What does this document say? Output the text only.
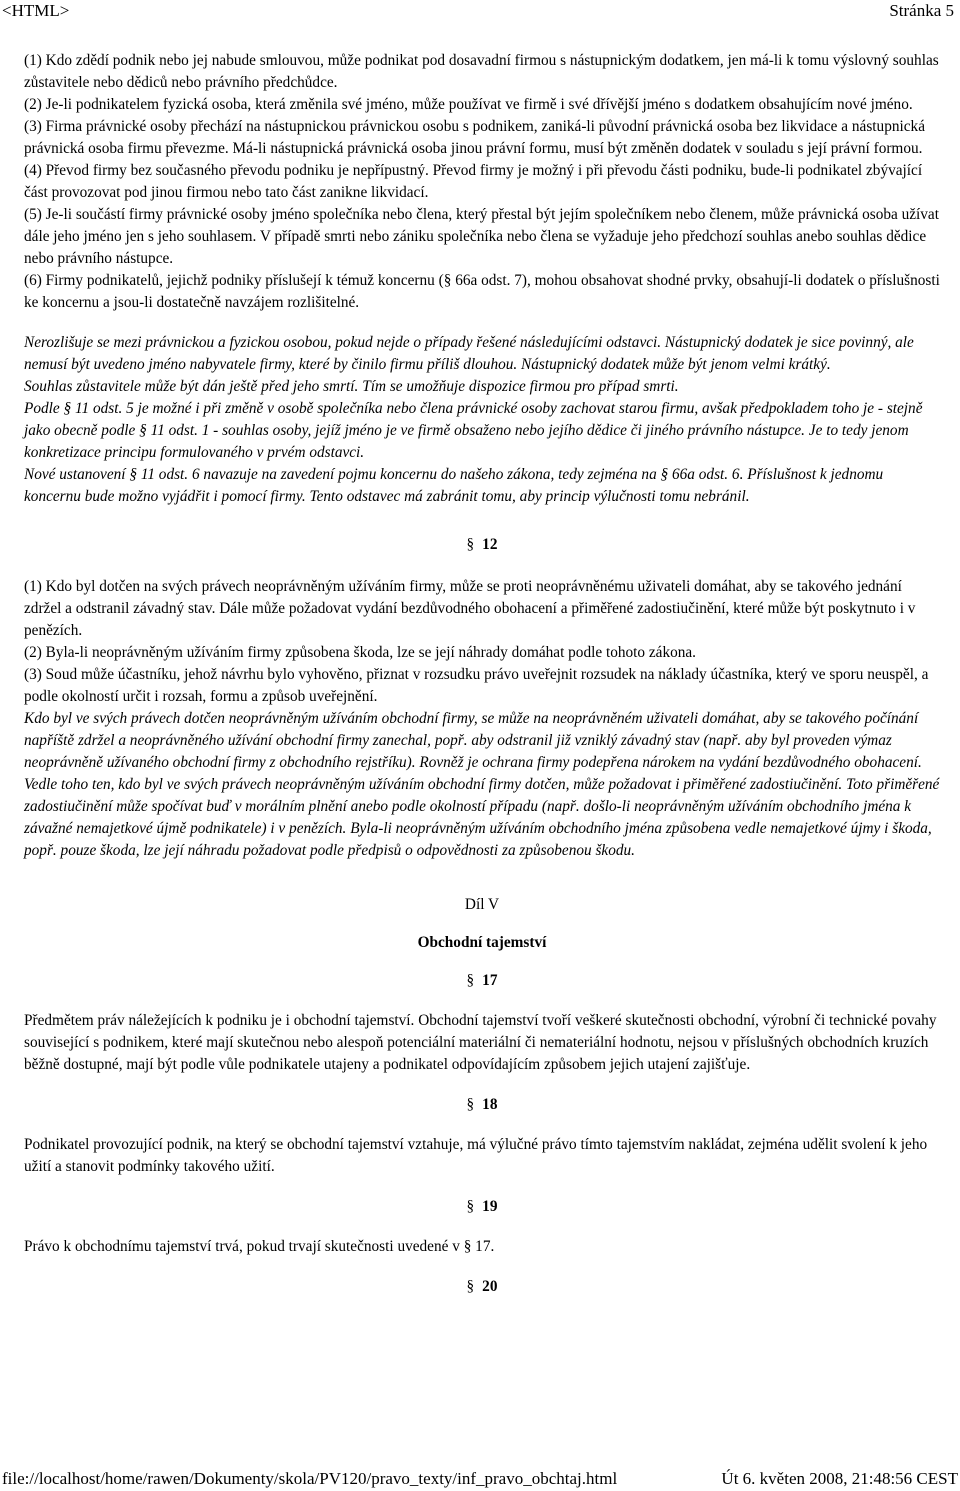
<HTML>	Stránka 5

(1) Kdo zdědí podnik nebo jej nabude smlouvou, může podnikat pod dosavadní firmou s nástupnickým dodatkem, jen má-li k tomu výslovný souhlas zůstavitele nebo dědiců nebo právního předchůdce.

(2) Je-li podnikatelem fyzická osoba, která změnila své jméno, může používat ve firmě i své dřívější jméno s dodatkem obsahujícím nové jméno.

(3) Firma právnické osoby přechází na nástupnickou právnickou osobu s podnikem, zaniká-li původní právnická osoba bez likvidace a nástupnická právnická osoba firmu převezme. Má-li nástupnická právnická osoba jinou právní formu, musí být změněn dodatek v souladu s její právní formou.

(4) Převod firmy bez současného převodu podniku je nepřípustný. Převod firmy je možný i při převodu části podniku, bude-li podnikatel zbývající část provozovat pod jinou firmou nebo tato část zanikne likvidací.

(5) Je-li součástí firmy právnické osoby jméno společníka nebo člena, který přestal být jejím společníkem nebo členem, může právnická osoba užívat dále jeho jméno jen s jeho souhlasem. V případě smrti nebo zániku společníka nebo člena se vyžaduje jeho předchozí souhlas anebo souhlas dědice nebo právního nástupce.

(6) Firmy podnikatelů, jejichž podniky příslušejí k témuž koncernu (§ 66a odst. 7), mohou obsahovat shodné prvky, obsahují-li dodatek o příslušnosti ke koncernu a jsou-li dostatečně navzájem rozlišitelné.

Nerozlišuje se mezi právnickou a fyzickou osobou, pokud nejde o případy řešené následujícími odstavci. Nástupnický dodatek je sice povinný, ale nemusí být uvedeno jméno nabyvatele firmy, které by činilo firmu příliš dlouhou. Nástupnický dodatek může být jenom velmi krátký.

Souhlas zůstavitele může být dán ještě před jeho smrtí. Tím se umožňuje dispozice firmou pro případ smrti.

Podle § 11 odst. 5 je možné i při změně v osobě společníka nebo člena právnické osoby zachovat starou firmu, avšak předpokladem toho je - stejně jako obecně podle § 11 odst. 1 - souhlas osoby, jejíž jméno je ve firmě obsaženo nebo jejího dědice či jiného právního nástupce. Je to tedy jenom konkretizace principu formulovaného v prvém odstavci.

Nové ustanovení § 11 odst. 6 navazuje na zavedení pojmu koncernu do našeho zákona, tedy zejména na § 66a odst. 6. Příslušnost k jednomu koncernu bude možno vyjádřit i pomocí firmy. Tento odstavec má zabránit tomu, aby princip výlučnosti tomu nebránil.

§ 12

(1) Kdo byl dotčen na svých právech neoprávněným užíváním firmy, může se proti neoprávněnému uživateli domáhat, aby se takového jednání zdržel a odstranil závadný stav. Dále může požadovat vydání bezdůvodného obohacení a přiměřené zadostiučinění, které může být poskytnuto i v penězích.

(2) Byla-li neoprávněným užíváním firmy způsobena škoda, lze se její náhrady domáhat podle tohoto zákona.

(3) Soud může účastníku, jehož návrhu bylo vyhověno, přiznat v rozsudku právo uveřejnit rozsudek na náklady účastníka, který ve sporu neuspěl, a podle okolností určit i rozsah, formu a způsob uveřejnění.

Kdo byl ve svých právech dotčen neoprávněným užíváním obchodní firmy, se může na neoprávněném uživateli domáhat, aby se takového počínání napříště zdržel a neoprávněného užívání obchodní firmy zanechal, popř. aby odstranil již vzniklý závadný stav (např. aby byl proveden výmaz neoprávněně užívaného obchodní firmy z obchodního rejstříku). Rovněž je ochrana firmy podepřena nárokem na vydání bezdůvodného obohacení. Vedle toho ten, kdo byl ve svých právech neoprávněným užíváním obchodní firmy dotčen, může požadovat i přiměřené zadostiučinění. Toto přiměřené zadostiučinění může spočívat buď v morálním plnění anebo podle okolností případu (např. došlo-li neoprávněným užíváním obchodního jména k závažné nemajetkové újmě podnikatele) i v penězích. Byla-li neoprávněným užíváním obchodního jména způsobena vedle nemajetkové újmy i škoda, popř. pouze škoda, lze její náhradu požadovat podle předpisů o odpovědnosti za způsobenou škodu.

Díl V

Obchodní tajemství

§ 17

Předmětem práv náležejících k podniku je i obchodní tajemství. Obchodní tajemství tvoří veškeré skutečnosti obchodní, výrobní či technické povahy související s podnikem, které mají skutečnou nebo alespoň potenciální materiální či nemateriální hodnotu, nejsou v příslušných obchodních kruzích běžně dostupné, mají být podle vůle podnikatele utajeny a podnikatel odpovídajícím způsobem jejich utajení zajišťuje.

§ 18

Podnikatel provozující podnik, na který se obchodní tajemství vztahuje, má výlučné právo tímto tajemstvím nakládat, zejména udělit svolení k jeho užití a stanovit podmínky takového užití.

§ 19

Právo k obchodnímu tajemství trvá, pokud trvají skutečnosti uvedené v § 17.

§ 20

file://localhost/home/rawen/Dokumenty/skola/PV120/pravo_texty/inf_pravo_obchtaj.html	Út 6. květen 2008, 21:48:56 CEST
